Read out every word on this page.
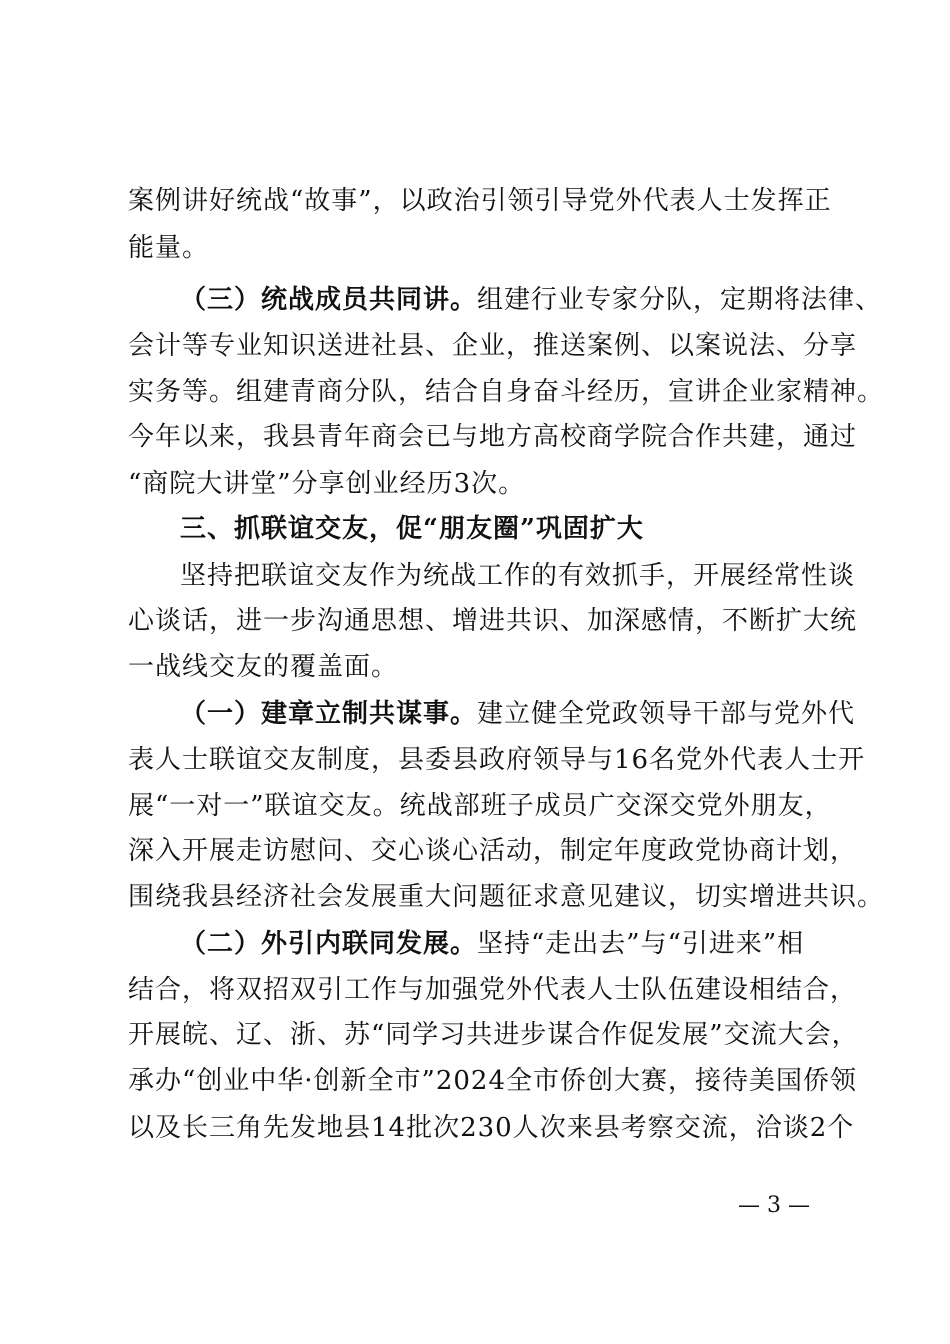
案例讲好统战“故事”，以政治引领引导党外代表人士发挥正
能量。
（三）统战成员共同讲。组建行业专家分队，定期将法律、
会计等专业知识送进社县、企业，推送案例、以案说法、分享
实务等。组建青商分队，结合自身奋斗经历，宣讲企业家精神。
今年以来，我县青年商会已与地方高校商学院合作共建，通过
“商院大讲堂”分享创业经历3次。
三、抓联谊交友，促“朋友圈”巩固扩大
坚持把联谊交友作为统战工作的有效抓手，开展经常性谈
心谈话，进一步沟通思想、增进共识、加深感情，不断扩大统
一战线交友的覆盖面。
（一）建章立制共谋事。建立健全党政领导干部与党外代
表人士联谊交友制度，县委县政府领导与16名党外代表人士开
展“一对一”联谊交友。统战部班子成员广交深交党外朋友，
深入开展走访慰问、交心谈心活动，制定年度政党协商计划，
围绕我县经济社会发展重大问题征求意见建议，切实增进共识。
（二）外引内联同发展。坚持“走出去”与“引进来”相
结合，将双招双引工作与加强党外代表人士队伍建设相结合，
开展皖、辽、浙、苏“同学习共进步谋合作促发展”交流大会，
承办“创业中华·创新全市”2024全市侨创大赛，接待美国侨领
以及长三角先发地县14批次230人次来县考察交流，洽谈2个
— 3 —
